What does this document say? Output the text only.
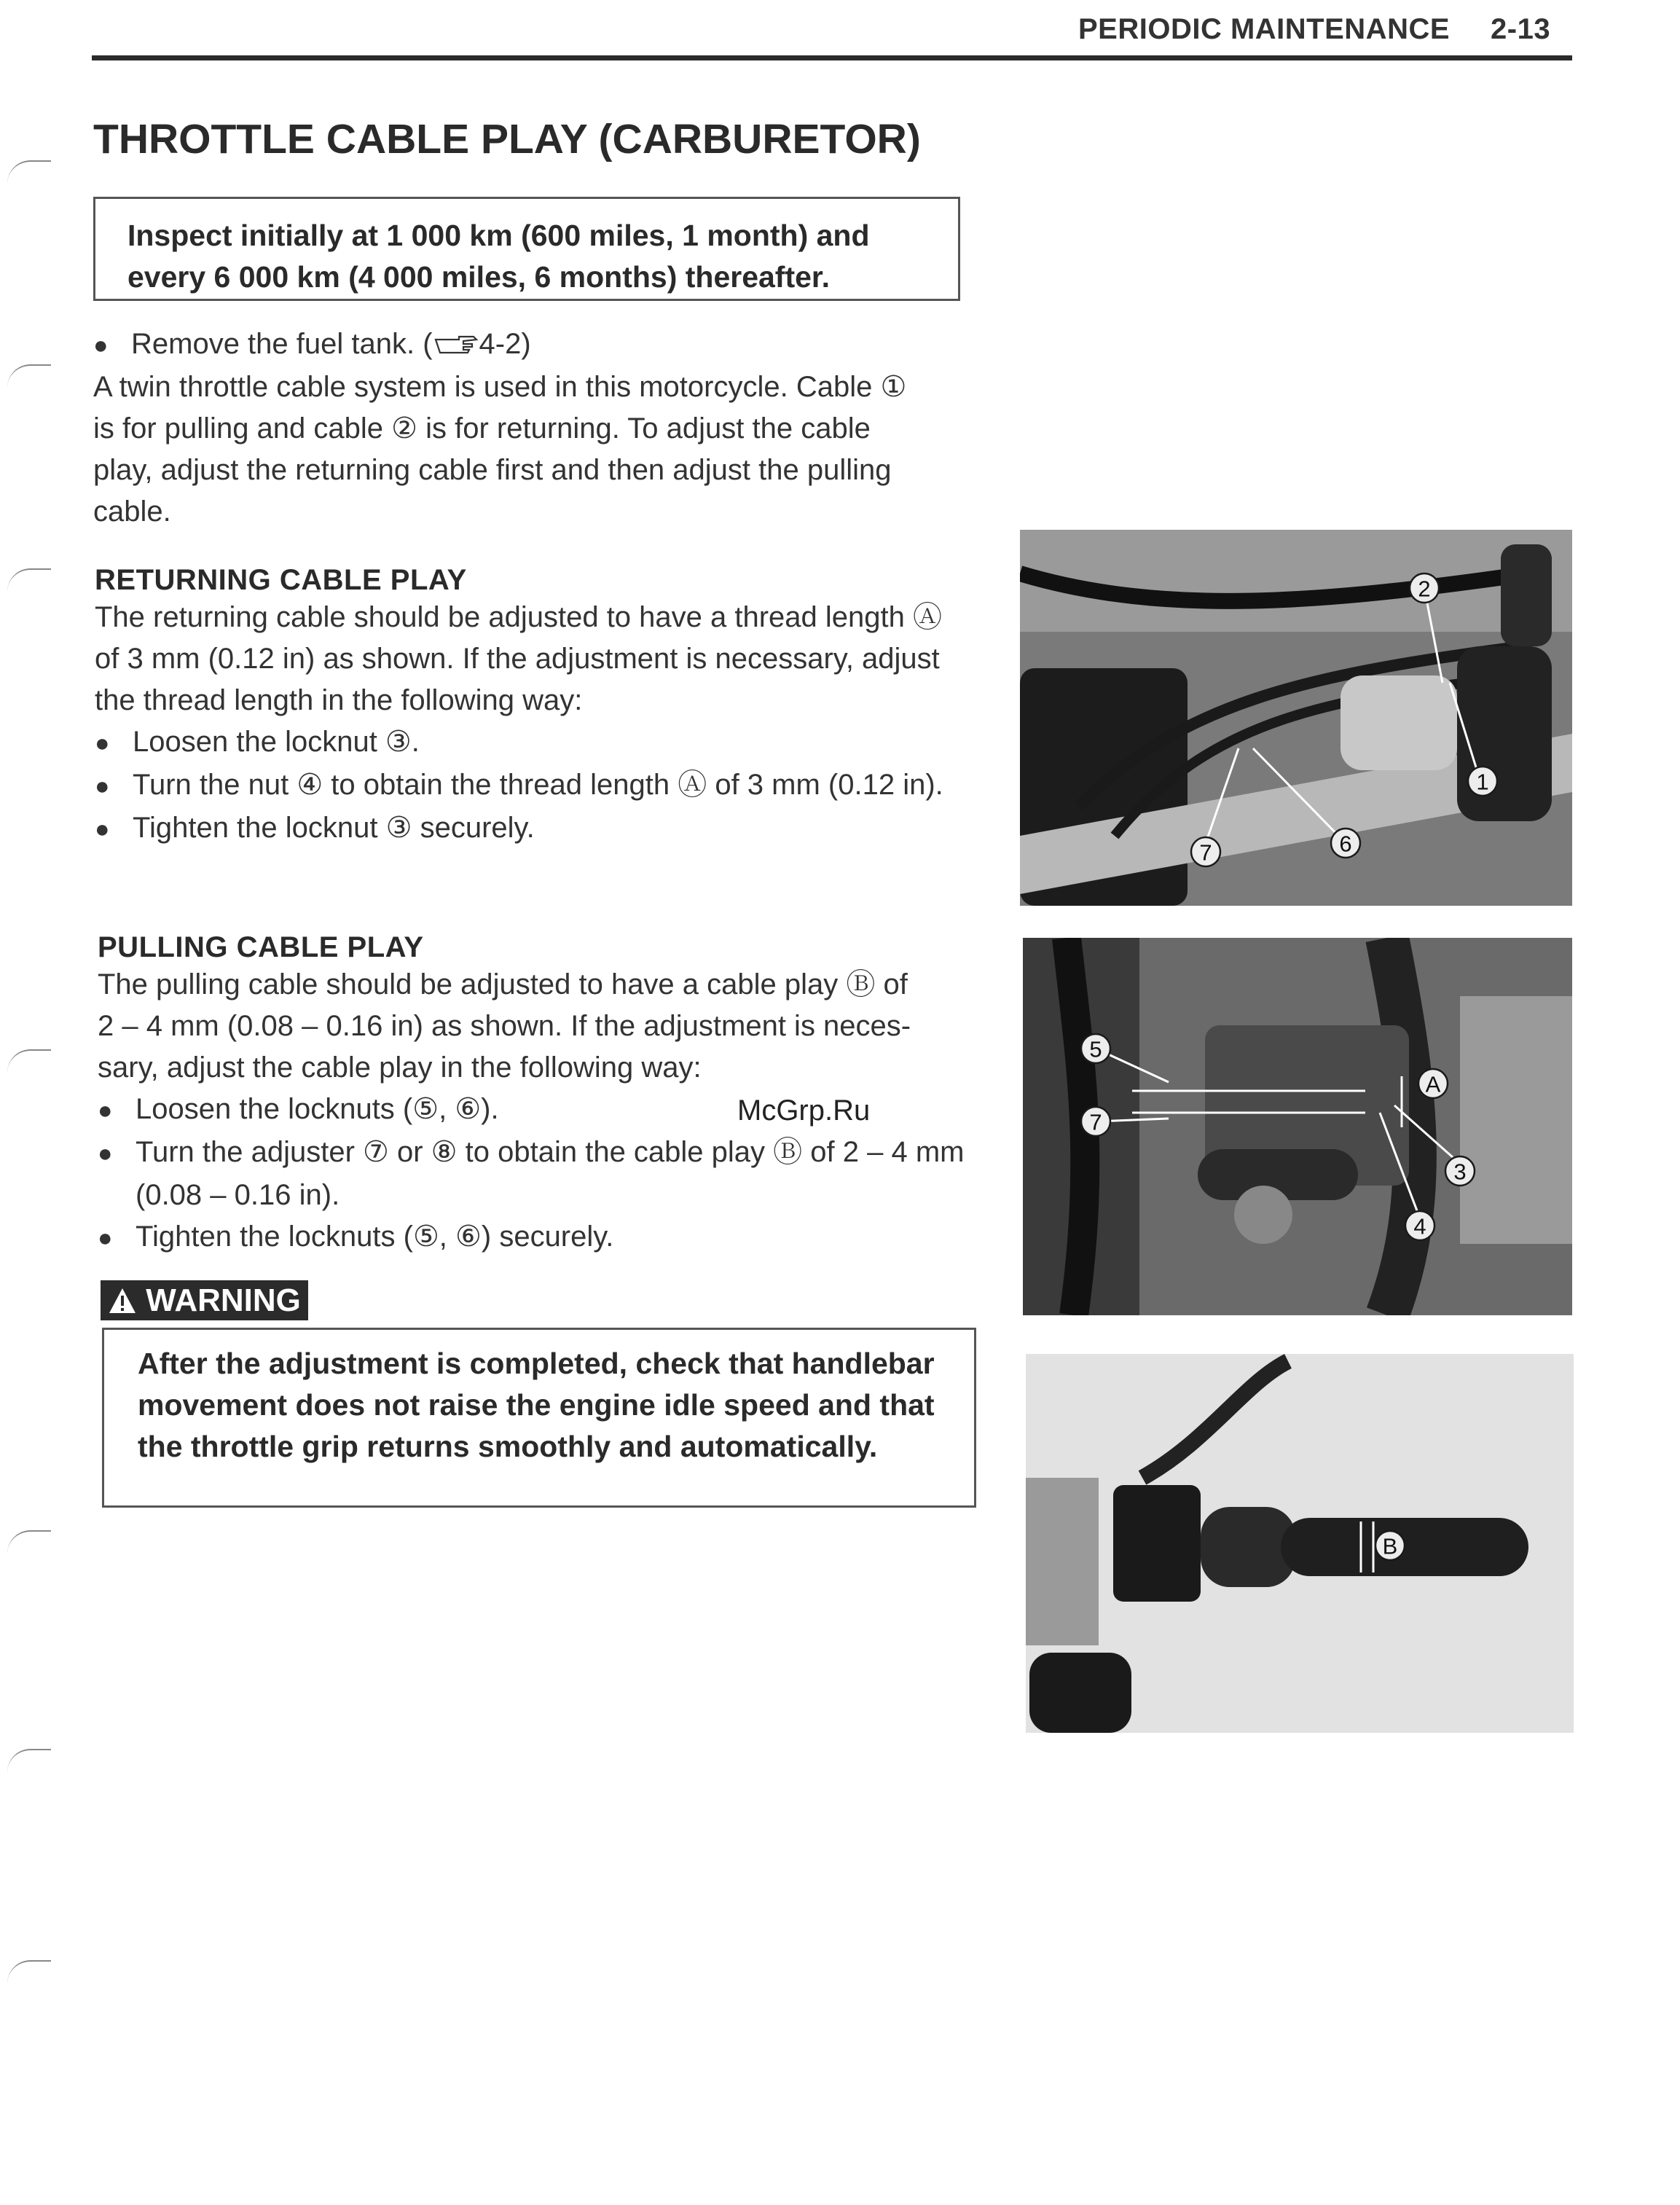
PERIODIC MAINTENANCE 2-13
THROTTLE CABLE PLAY (CARBURETOR)
Inspect initially at 1 000 km (600 miles, 1 month) and
every 6 000 km (4 000 miles, 6 months) thereafter.
● Remove the fuel tank. ( 4-2)
A twin throttle cable system is used in this motorcycle. Cable ①
is for pulling and cable ② is for returning. To adjust the cable
play, adjust the returning cable first and then adjust the pulling
cable.
RETURNING CABLE PLAY
The returning cable should be adjusted to have a thread length Ⓐ
of 3 mm (0.12 in) as shown. If the adjustment is necessary, adjust
the thread length in the following way:
● Loosen the locknut ③.
● Turn the nut ④ to obtain the thread length Ⓐ of 3 mm (0.12 in).
● Tighten the locknut ③ securely.
PULLING CABLE PLAY
The pulling cable should be adjusted to have a cable play Ⓑ of
2 – 4 mm (0.08 – 0.16 in) as shown. If the adjustment is neces-
sary, adjust the cable play in the following way:
● Loosen the locknuts (⑤, ⑥).
● Turn the adjuster ⑦ or ⑧ to obtain the cable play Ⓑ of 2 – 4 mm (0.08 – 0.16 in).
● Tighten the locknuts (⑤, ⑥) securely.
McGrp.Ru
WARNING
After the adjustment is completed, check that handlebar movement does not raise the engine idle speed and that the throttle grip returns smoothly and automatically.
1
2
6
7
5
7
A
3
4
B
